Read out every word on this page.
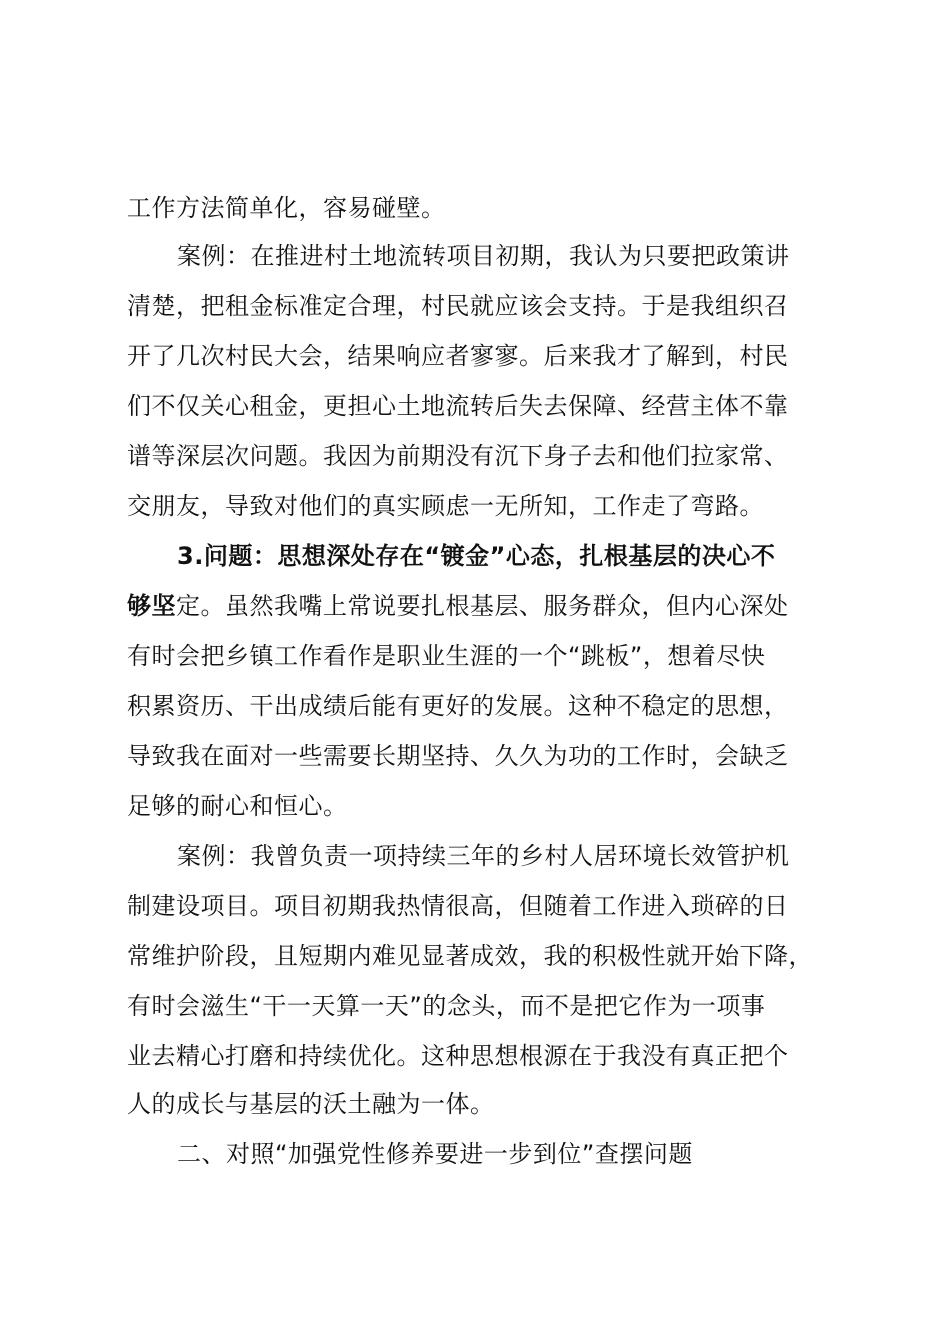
工作方法简单化，容易碰壁。
案例：在推进村土地流转项目初期，我认为只要把政策讲
清楚，把租金标准定合理，村民就应该会支持。于是我组织召
开了几次村民大会，结果响应者寥寥。后来我才了解到，村民
们不仅关心租金，更担心土地流转后失去保障、经营主体不靠
谱等深层次问题。我因为前期没有沉下身子去和他们拉家常、
交朋友，导致对他们的真实顾虑一无所知，工作走了弯路。
3.问题：思想深处存在“镀金”心态，扎根基层的决心不
够坚定。虽然我嘴上常说要扎根基层、服务群众，但内心深处
有时会把乡镇工作看作是职业生涯的一个“跳板”，想着尽快
积累资历、干出成绩后能有更好的发展。这种不稳定的思想，
导致我在面对一些需要长期坚持、久久为功的工作时，会缺乏
足够的耐心和恒心。
案例：我曾负责一项持续三年的乡村人居环境长效管护机
制建设项目。项目初期我热情很高，但随着工作进入琐碎的日
常维护阶段，且短期内难见显著成效，我的积极性就开始下降，
有时会滋生“干一天算一天”的念头，而不是把它作为一项事
业去精心打磨和持续优化。这种思想根源在于我没有真正把个
人的成长与基层的沃土融为一体。
二、对照“加强党性修养要进一步到位”查摆问题
